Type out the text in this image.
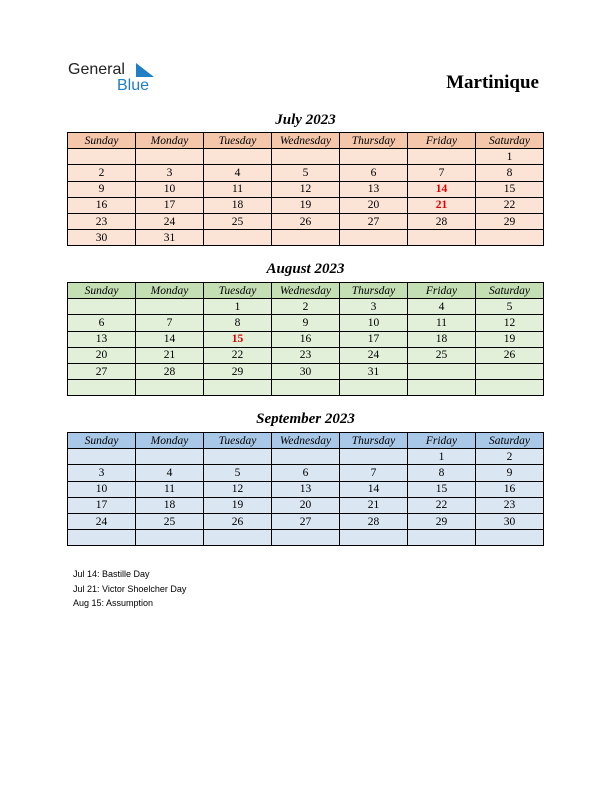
General
Blue	Martinique
July 2023
Sunday	Monday	Tuesday	Wednesday	Thursday	Friday	Saturday
						1
2	3	4	5	6	7	8
9	10	11	12	13	14	15
16	17	18	19	20	21	22
23	24	25	26	27	28	29
30	31					
August 2023
Sunday	Monday	Tuesday	Wednesday	Thursday	Friday	Saturday
		1	2	3	4	5
6	7	8	9	10	11	12
13	14	15	16	17	18	19
20	21	22	23	24	25	26
27	28	29	30	31		

September 2023
Sunday	Monday	Tuesday	Wednesday	Thursday	Friday	Saturday
					1	2
3	4	5	6	7	8	9
10	11	12	13	14	15	16
17	18	19	20	21	22	23
24	25	26	27	28	29	30

Jul 14: Bastille Day
Jul 21: Victor Shoelcher Day
Aug 15: Assumption
